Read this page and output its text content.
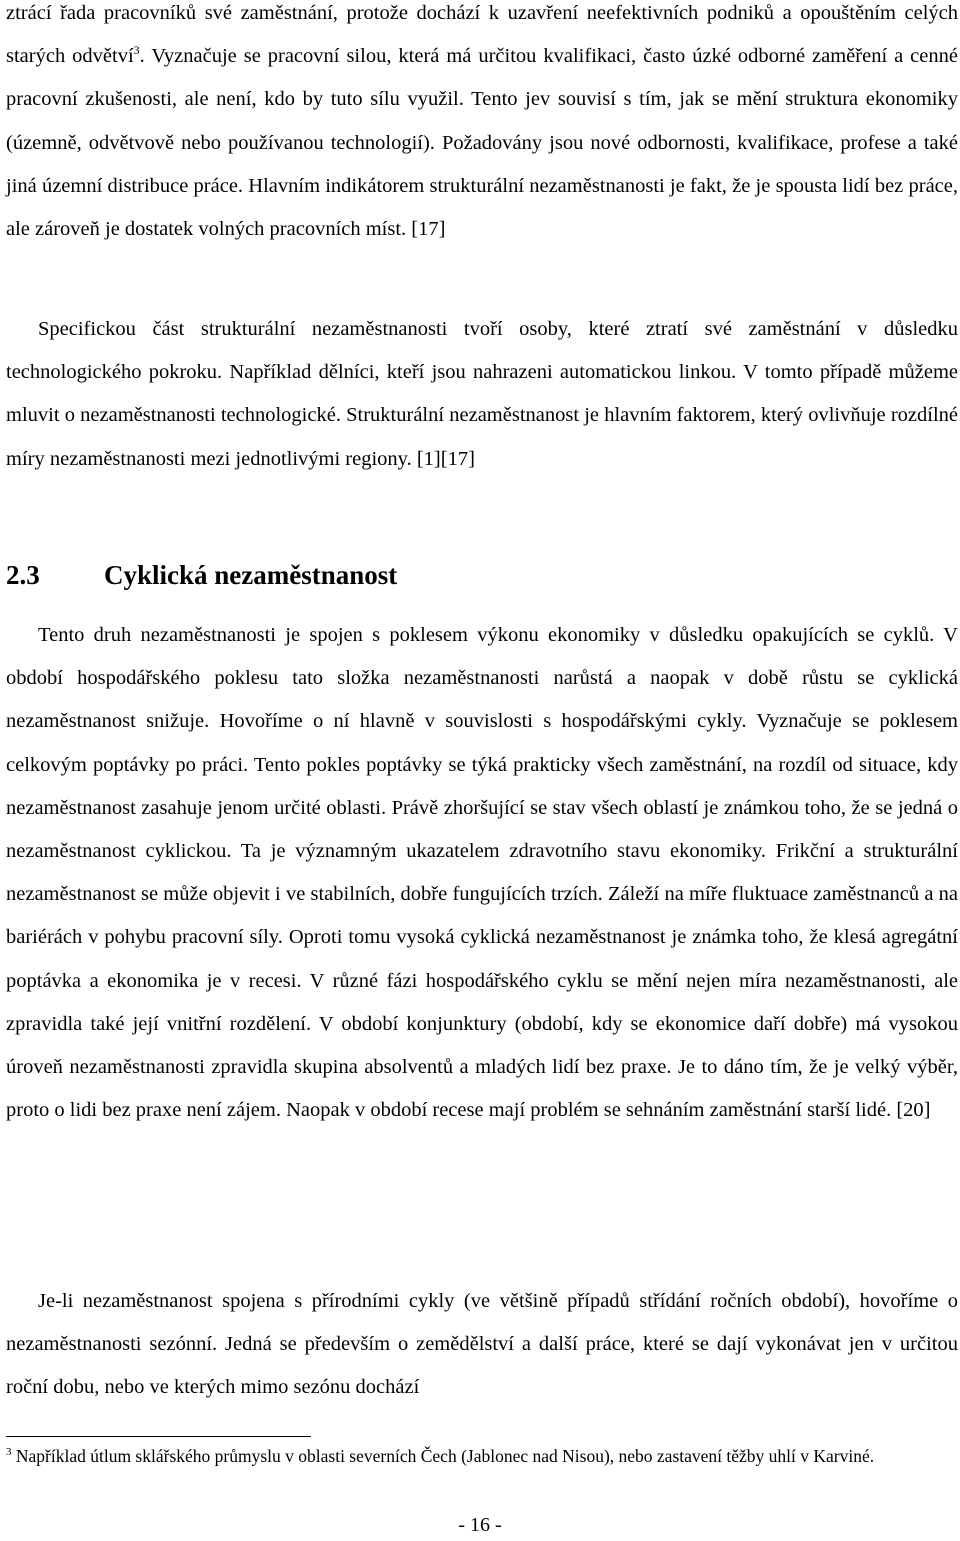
ztrácí řada pracovníků své zaměstnání, protože dochází k uzavření neefektivních podniků a opouštěním celých starých odvětví$^3$. Vyznačuje se pracovní silou, která má určitou kvalifikaci, často úzké odborné zaměření a cenné pracovní zkušenosti, ale není, kdo by tuto sílu využil. Tento jev souvisí s tím, jak se mění struktura ekonomiky (územně, odvětvově nebo používanou technologií). Požadovány jsou nové odbornosti, kvalifikace, profese a také jiná územní distribuce práce. Hlavním indikátorem strukturální nezaměstnanosti je fakt, že je spousta lidí bez práce, ale zároveň je dostatek volných pracovních míst. [17]

Specifickou část strukturální nezaměstnanosti tvoří osoby, které ztratí své zaměstnání v důsledku technologického pokroku. Například dělníci, kteří jsou nahrazeni automatickou linkou. V tomto případě můžeme mluvit o nezaměstnanosti technologické. Strukturální nezaměstnanost je hlavním faktorem, který ovlivňuje rozdílné míry nezaměstnanosti mezi jednotlivými regiony. [1][17]

2.3 Cyklická nezaměstnanost

Tento druh nezaměstnanosti je spojen s poklesem výkonu ekonomiky v důsledku opakujících se cyklů. V období hospodářského poklesu tato složka nezaměstnanosti narůstá a naopak v době růstu se cyklická nezaměstnanost snižuje. Hovoříme o ní hlavně v souvislosti s hospodářskými cykly. Vyznačuje se poklesem celkovým poptávky po práci. Tento pokles poptávky se týká prakticky všech zaměstnání, na rozdíl od situace, kdy nezaměstnanost zasahuje jenom určité oblasti. Právě zhoršující se stav všech oblastí je známkou toho, že se jedná o nezaměstnanost cyklickou. Ta je významným ukazatelem zdravotního stavu ekonomiky. Frikční a strukturální nezaměstnanost se může objevit i ve stabilních, dobře fungujících trzích. Záleží na míře fluktuace zaměstnanců a na bariérách v pohybu pracovní síly. Oproti tomu vysoká cyklická nezaměstnanost je známka toho, že klesá agregátní poptávka a ekonomika je v recesi. V různé fázi hospodářského cyklu se mění nejen míra nezaměstnanosti, ale zpravidla také její vnitřní rozdělení. V období konjunktury (období, kdy se ekonomice daří dobře) má vysokou úroveň nezaměstnanosti zpravidla skupina absolventů a mladých lidí bez praxe. Je to dáno tím, že je velký výběr, proto o lidi bez praxe není zájem. Naopak v období recese mají problém se sehnáním zaměstnání starší lidé. [20]

Je-li nezaměstnanost spojena s přírodními cykly (ve většině případů střídání ročních období), hovoříme o nezaměstnanosti sezónní. Jedná se především o zemědělství a další práce, které se dají vykonávat jen v určitou roční dobu, nebo ve kterých mimo sezónu dochází

$^3$ Například útlum sklářského průmyslu v oblasti severních Čech (Jablonec nad Nisou), nebo zastavení těžby uhlí v Karviné.

- 16 -
